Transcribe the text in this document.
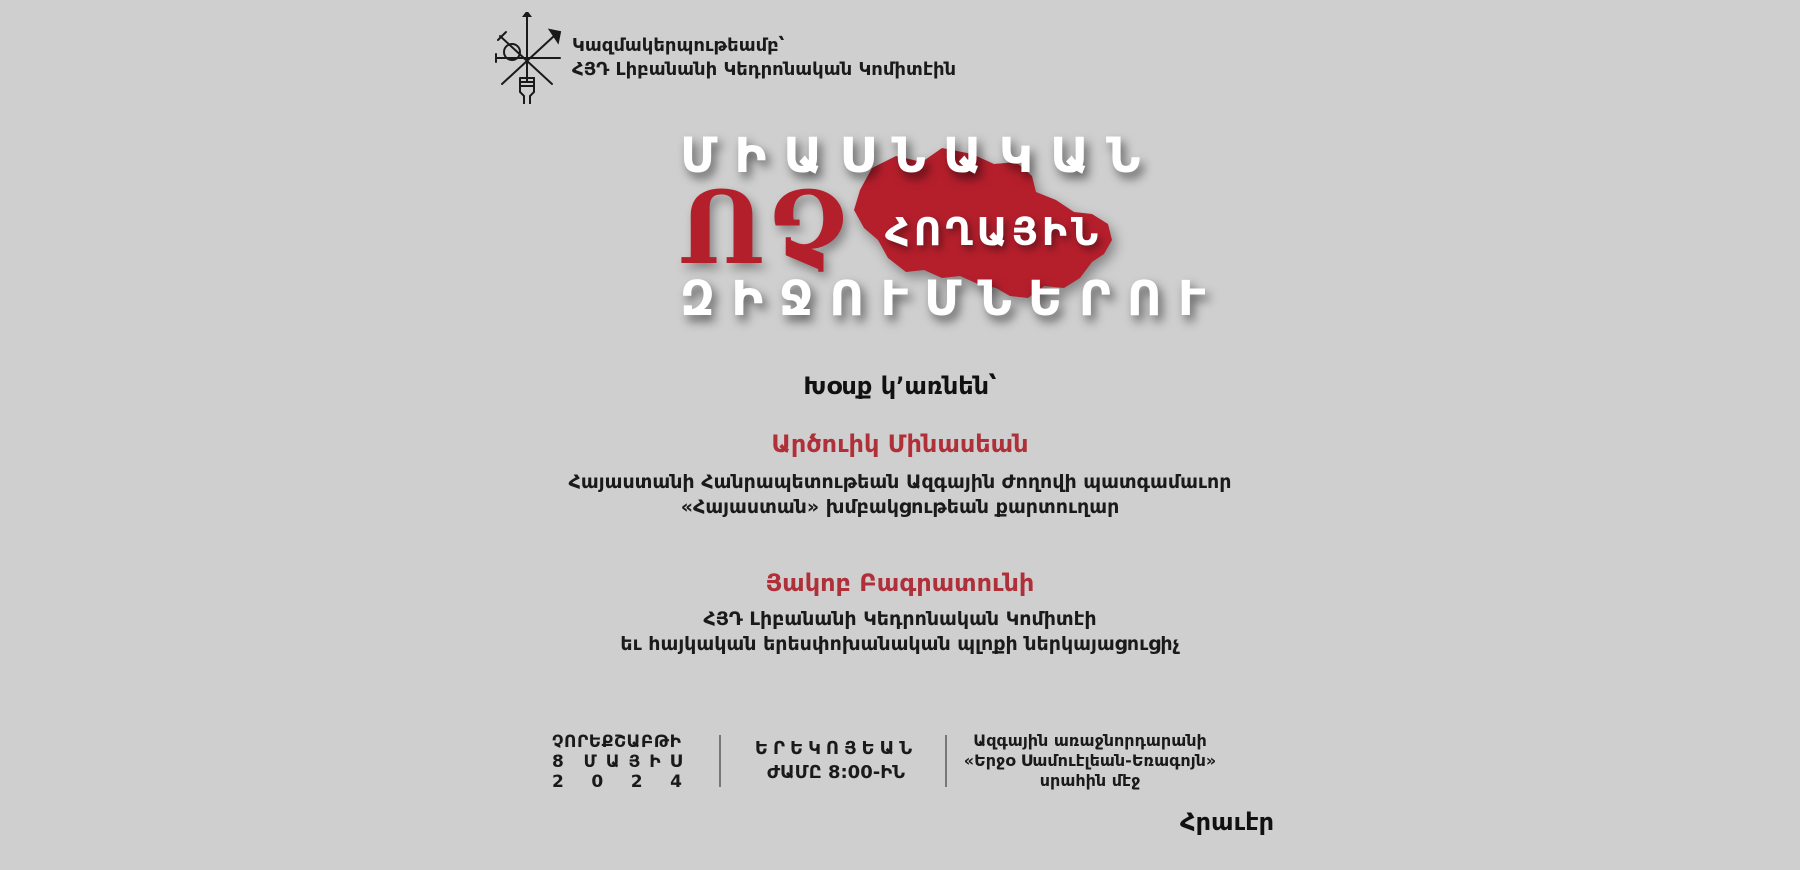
Կազմակերպութեամբ՝
ՀՅԴ Լիբանանի Կեդրոնական Կոմիտէին
ՄԻԱՍՆԱԿԱՆ
ՈՉ ՀՈՂԱՅԻՆ
ԶԻՋՈՒՄՆԵՐՈՒ
Խօսք կ՚առնեն՝
Արծուիկ Մինասեան
Հայաստանի Հանրապետութեան Ազգային Ժողովի պատգամաւոր
«Հայաստան» խմբակցութեան քարտուղար
Յակոբ Բագրատունի
ՀՅԴ Լիբանանի Կեդրոնական Կոմիտէի
եւ հայկական երեսփոխանական պլոքի ներկայացուցիչ
ՉՈՐԵՔՇԱԲԹԻ
8 ՄԱՅԻՍ
2 0 2 4
ԵՐԵԿՈՅԵԱՆ
ԺԱՄԸ 8:00-ԻՆ
Ազգային առաջնորդարանի
«Երջօ Սամուէլեան-Եռագոյն»
սրահին մէջ
Հրաւէր
